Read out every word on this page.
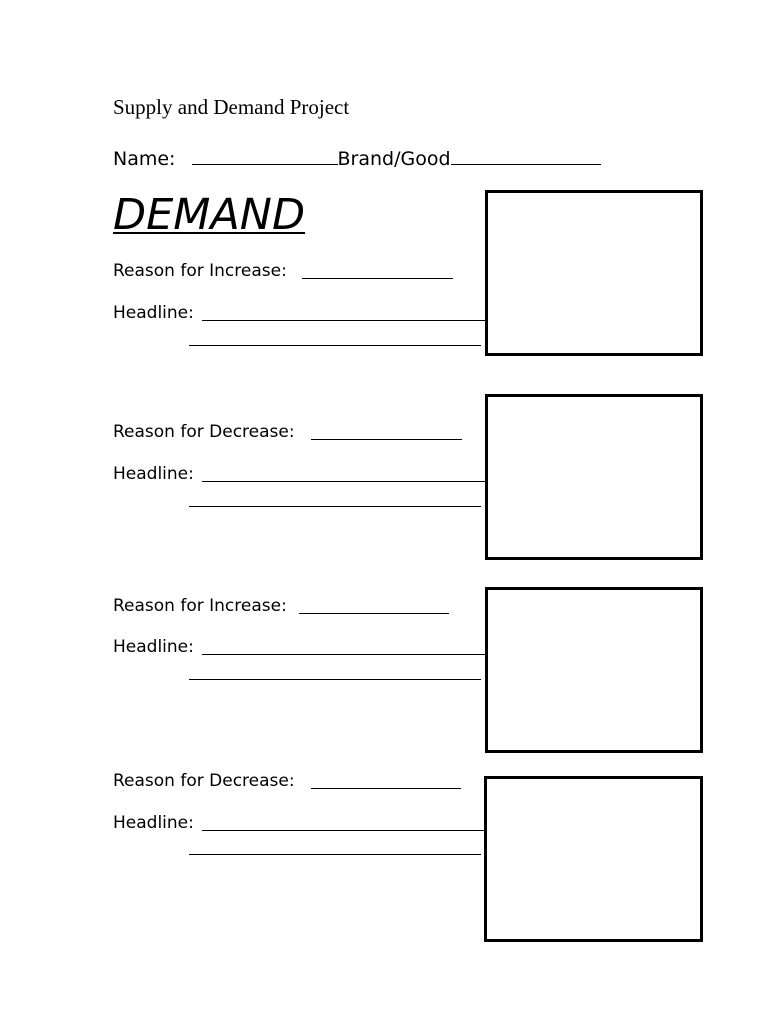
Supply and Demand Project
Name:	Brand/Good
DEMAND
Reason for Increase:
Headline:
Reason for Decrease:
Headline:
Reason for Increase:
Headline:
Reason for Decrease:
Headline:
